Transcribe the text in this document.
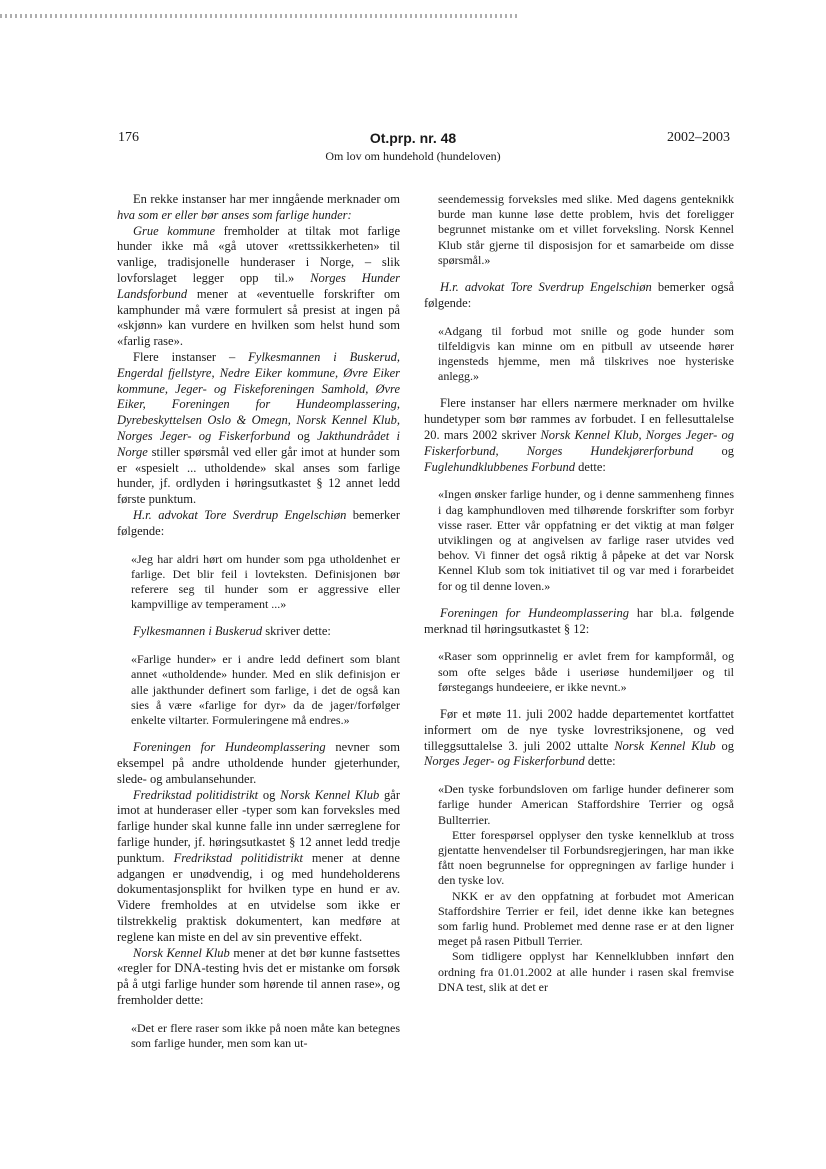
176	Ot.prp. nr. 48	2002–2003
Om lov om hundehold (hundeloven)

En rekke instanser har mer inngående merknader om hva som er eller bør anses som farlige hunder:

Grue kommune fremholder at tiltak mot farlige hunder ikke må «gå utover «rettssikkerheten» til vanlige, tradisjonelle hunderaser i Norge, – slik lovforslaget legger opp til.» Norges Hunder Landsforbund mener at «eventuelle forskrifter om kamphunder må være formulert så presist at ingen på «skjønn» kan vurdere en hvilken som helst hund som «farlig rase».

Flere instanser – Fylkesmannen i Buskerud, Engerdal fjellstyre, Nedre Eiker kommune, Øvre Eiker kommune, Jeger- og Fiskeforeningen Samhold, Øvre Eiker, Foreningen for Hundeomplassering, Dyrebeskyttelsen Oslo & Omegn, Norsk Kennel Klub, Norges Jeger- og Fiskerforbund og Jakthundrådet i Norge stiller spørsmål ved eller går imot at hunder som er «spesielt ... utholdende» skal anses som farlige hunder, jf. ordlyden i høringsutkastet § 12 annet ledd første punktum.

H.r. advokat Tore Sverdrup Engelschiøn bemerker følgende:

«Jeg har aldri hørt om hunder som pga utholdenhet er farlige. Det blir feil i lovteksten. Definisjonen bør referere seg til hunder som er aggressive eller kampvillige av temperament ...»

Fylkesmannen i Buskerud skriver dette:

«Farlige hunder» er i andre ledd definert som blant annet «utholdende» hunder. Med en slik definisjon er alle jakthunder definert som farlige, i det de også kan sies å være «farlige for dyr» da de jager/forfølger enkelte viltarter. Formuleringene må endres.»

Foreningen for Hundeomplassering nevner som eksempel på andre utholdende hunder gjeterhunder, slede- og ambulansehunder.

Fredrikstad politidistrikt og Norsk Kennel Klub går imot at hunderaser eller -typer som kan forveksles med farlige hunder skal kunne falle inn under særreglene for farlige hunder, jf. høringsutkastet § 12 annet ledd tredje punktum. Fredrikstad politidistrikt mener at denne adgangen er unødvendig, i og med hundeholderens dokumentasjonsplikt for hvilken type en hund er av. Videre fremholdes at en utvidelse som ikke er tilstrekkelig praktisk dokumentert, kan medføre at reglene kan miste en del av sin preventive effekt.

Norsk Kennel Klub mener at det bør kunne fastsettes «regler for DNA-testing hvis det er mistanke om forsøk på å utgi farlige hunder som hørende til annen rase», og fremholder dette:

«Det er flere raser som ikke på noen måte kan betegnes som farlige hunder, men som kan ut-

seendemessig forveksles med slike. Med dagens genteknikk burde man kunne løse dette problem, hvis det foreligger begrunnet mistanke om et villet forveksling. Norsk Kennel Klub står gjerne til disposisjon for et samarbeide om disse spørsmål.»

H.r. advokat Tore Sverdrup Engelschiøn bemerker også følgende:

«Adgang til forbud mot snille og gode hunder som tilfeldigvis kan minne om en pitbull av utseende hører ingensteds hjemme, men må tilskrives noe hysteriske anlegg.»

Flere instanser har ellers nærmere merknader om hvilke hundetyper som bør rammes av forbudet. I en fellesuttalelse 20. mars 2002 skriver Norsk Kennel Klub, Norges Jeger- og Fiskerforbund, Norges Hundekjørerforbund og Fuglehundklubbenes Forbund dette:

«Ingen ønsker farlige hunder, og i denne sammenheng finnes i dag kamphundloven med tilhørende forskrifter som forbyr visse raser. Etter vår oppfatning er det viktig at man følger utviklingen og at angivelsen av farlige raser utvides ved behov. Vi finner det også riktig å påpeke at det var Norsk Kennel Klub som tok initiativet til og var med i forarbeidet for og til denne loven.»

Foreningen for Hundeomplassering har bl.a. følgende merknad til høringsutkastet § 12:

«Raser som opprinnelig er avlet frem for kampformål, og som ofte selges både i useriøse hundemiljøer og til førstegangs hundeeiere, er ikke nevnt.»

Før et møte 11. juli 2002 hadde departementet kortfattet informert om de nye tyske lovrestriksjonene, og ved tilleggsuttalelse 3. juli 2002 uttalte Norsk Kennel Klub og Norges Jeger- og Fiskerforbund dette:

«Den tyske forbundsloven om farlige hunder definerer som farlige hunder American Staffordshire Terrier og også Bullterrier.

Etter forespørsel opplyser den tyske kennelklub at tross gjentatte henvendelser til Forbundsregjeringen, har man ikke fått noen begrunnelse for oppregningen av farlige hunder i den tyske lov.

NKK er av den oppfatning at forbudet mot American Staffordshire Terrier er feil, idet denne ikke kan betegnes som farlig hund. Problemet med denne rase er at den ligner meget på rasen Pitbull Terrier.

Som tidligere opplyst har Kennelklubben innført den ordning fra 01.01.2002 at alle hunder i rasen skal fremvise DNA test, slik at det er
